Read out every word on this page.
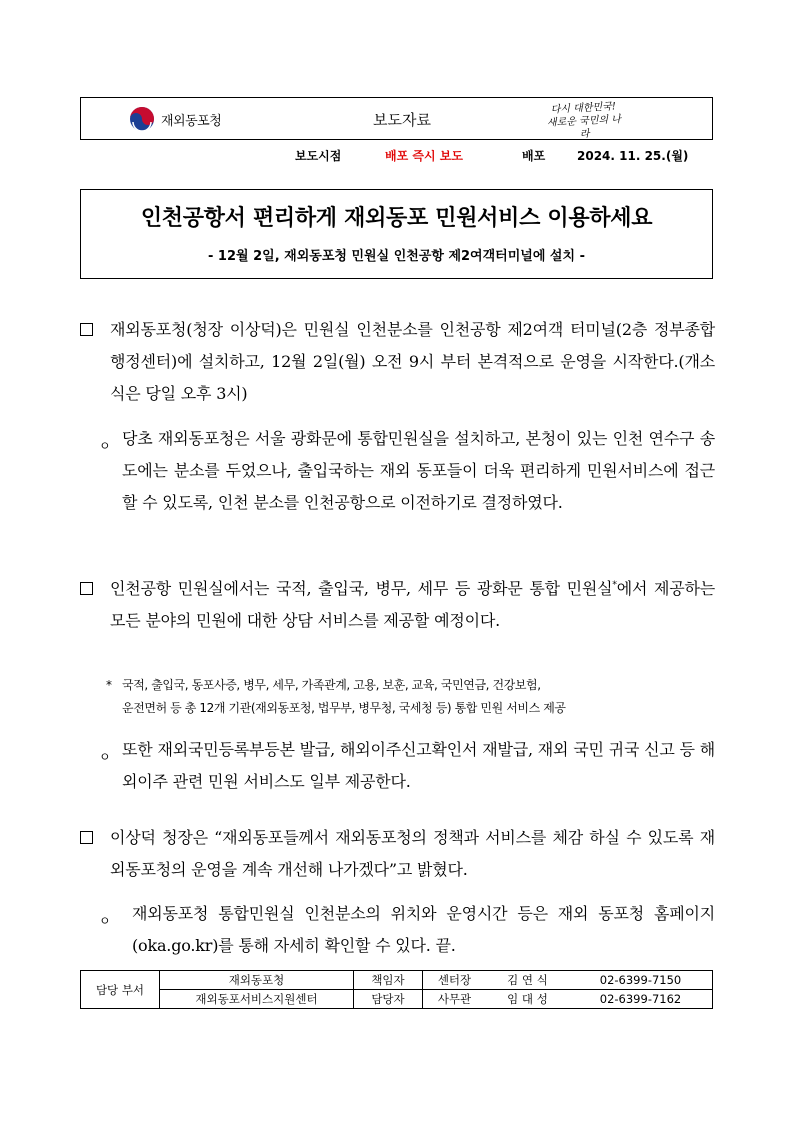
재외동포청	보도자료
다시 대한민국!
새로운 국민의 나라
보도시점	배포 즉시 보도	배포	2024. 11. 25.(월)
인천공항서 편리하게 재외동포 민원서비스 이용하세요
- 12월 2일, 재외동포청 민원실 인천공항 제2여객터미널에 설치 -
재외동포청(청장 이상덕)은 민원실 인천분소를 인천공항 제2여객 터미널(2층 정부종합행정센터)에 설치하고, 12월 2일(월) 오전 9시 부터 본격적으로 운영을 시작한다.(개소식은 당일 오후 3시)
ㅇ 당초 재외동포청은 서울 광화문에 통합민원실을 설치하고, 본청이 있는 인천 연수구 송도에는 분소를 두었으나, 출입국하는 재외 동포들이 더욱 편리하게 민원서비스에 접근할 수 있도록, 인천 분소를 인천공항으로 이전하기로 결정하였다.
인천공항 민원실에서는 국적, 출입국, 병무, 세무 등 광화문 통합 민원실*에서 제공하는 모든 분야의 민원에 대한 상담 서비스를 제공할 예정이다.
* 국적, 출입국, 동포사증, 병무, 세무, 가족관계, 고용, 보훈, 교육, 국민연금, 건강보험,
운전면허 등 총 12개 기관(재외동포청, 법무부, 병무청, 국세청 등) 통합 민원 서비스 제공
ㅇ 또한 재외국민등록부등본 발급, 해외이주신고확인서 재발급, 재외 국민 귀국 신고 등 해외이주 관련 민원 서비스도 일부 제공한다.
이상덕 청장은 “재외동포들께서 재외동포청의 정책과 서비스를 체감 하실 수 있도록 재외동포청의 운영을 계속 개선해 나가겠다”고 밝혔다.
ㅇ 재외동포청 통합민원실 인천분소의 위치와 운영시간 등은 재외 동포청 홈페이지(oka.go.kr)를 통해 자세히 확인할 수 있다. 끝.
담당 부서	재외동포청	책임자	센터장	김 연 식	02-6399-7150
	재외동포서비스지원센터	담당자	사무관	임 대 성	02-6399-7162
